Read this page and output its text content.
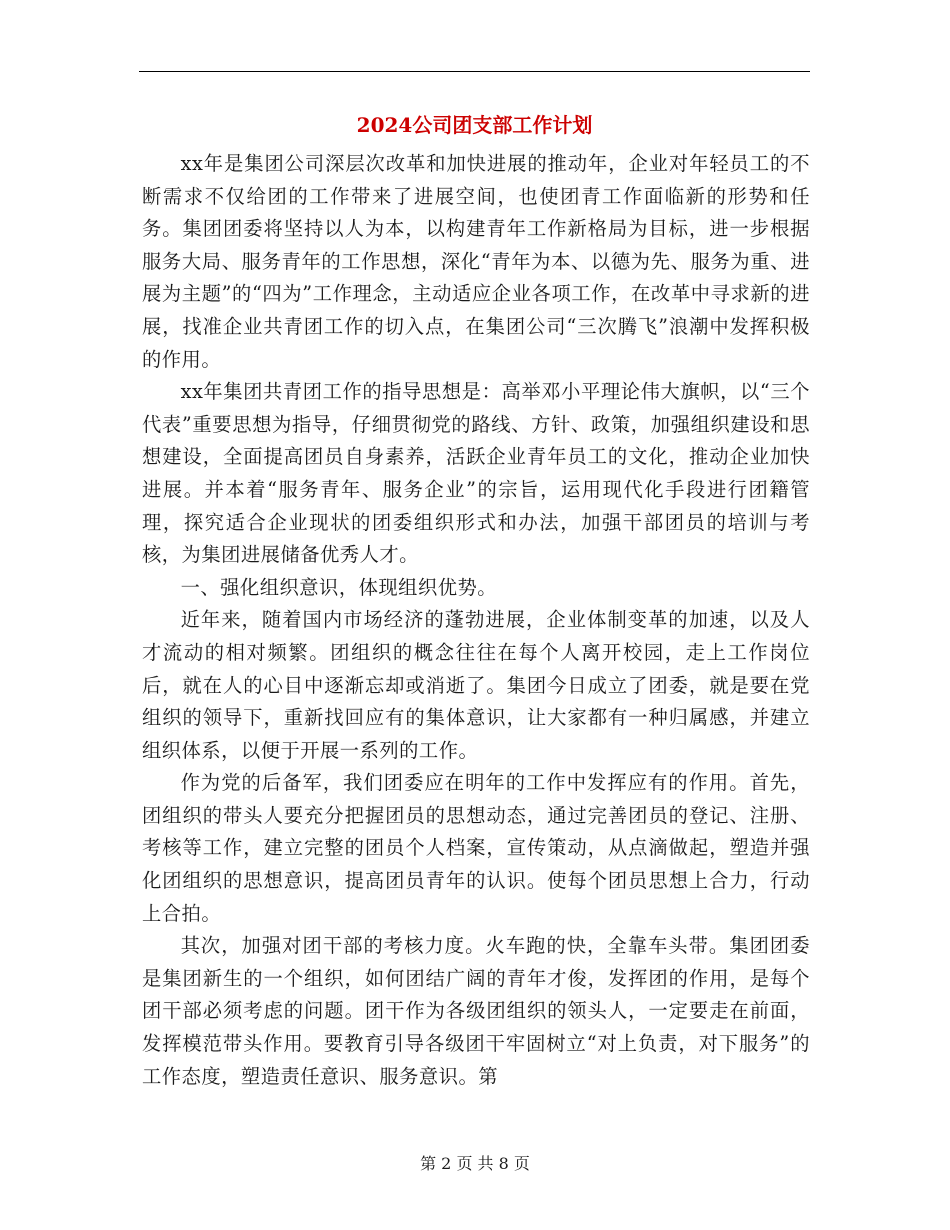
2024公司团支部工作计划

xx年是集团公司深层次改革和加快进展的推动年，企业对年轻员工的不断需求不仅给团的工作带来了进展空间，也使团青工作面临新的形势和任务。集团团委将坚持以人为本，以构建青年工作新格局为目标，进一步根据服务大局、服务青年的工作思想，深化“青年为本、以德为先、服务为重、进展为主题”的“四为”工作理念，主动适应企业各项工作，在改革中寻求新的进展，找准企业共青团工作的切入点，在集团公司“三次腾飞”浪潮中发挥积极的作用。

xx年集团共青团工作的指导思想是：高举邓小平理论伟大旗帜，以“三个代表”重要思想为指导，仔细贯彻党的路线、方针、政策，加强组织建设和思想建设，全面提高团员自身素养，活跃企业青年员工的文化，推动企业加快进展。并本着“服务青年、服务企业”的宗旨，运用现代化手段进行团籍管理，探究适合企业现状的团委组织形式和办法，加强干部团员的培训与考核，为集团进展储备优秀人才。

一、强化组织意识，体现组织优势。

近年来，随着国内市场经济的蓬勃进展，企业体制变革的加速，以及人才流动的相对频繁。团组织的概念往往在每个人离开校园，走上工作岗位后，就在人的心目中逐渐忘却或消逝了。集团今日成立了团委，就是要在党组织的领导下，重新找回应有的集体意识，让大家都有一种归属感，并建立组织体系，以便于开展一系列的工作。

作为党的后备军，我们团委应在明年的工作中发挥应有的作用。首先，团组织的带头人要充分把握团员的思想动态，通过完善团员的登记、注册、考核等工作，建立完整的团员个人档案，宣传策动，从点滴做起，塑造并强化团组织的思想意识，提高团员青年的认识。使每个团员思想上合力，行动上合拍。

其次，加强对团干部的考核力度。火车跑的快，全靠车头带。集团团委是集团新生的一个组织，如何团结广阔的青年才俊，发挥团的作用，是每个团干部必须考虑的问题。团干作为各级团组织的领头人，一定要走在前面，发挥模范带头作用。要教育引导各级团干牢固树立“对上负责，对下服务”的工作态度，塑造责任意识、服务意识。第

第 2 页 共 8 页
